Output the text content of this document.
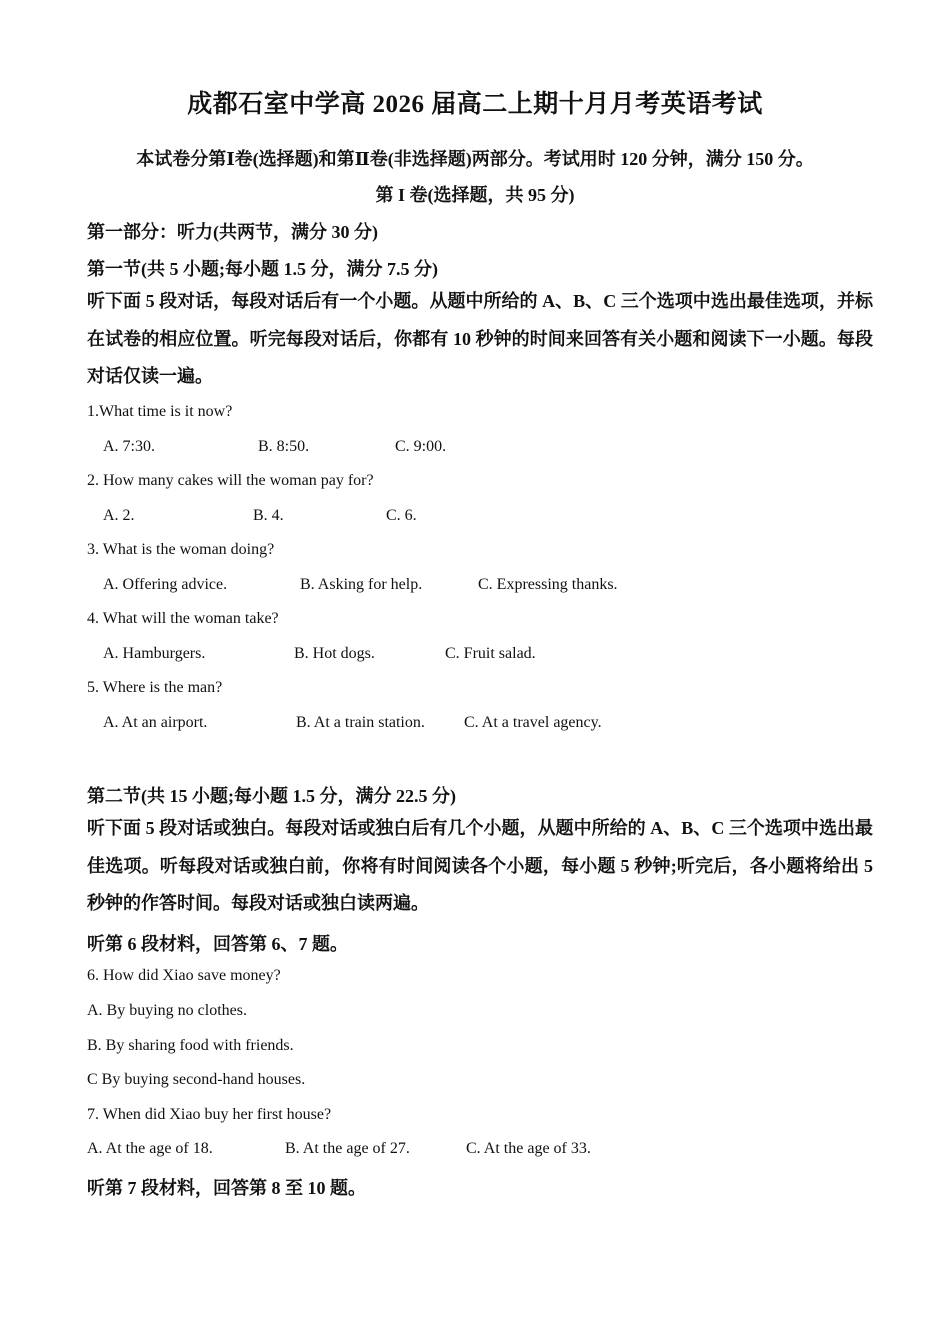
成都石室中学高 2026 届高二上期十月月考英语考试
本试卷分第Ⅰ卷(选择题)和第Ⅱ卷(非选择题)两部分。考试用时 120 分钟，满分 150 分。
第 I 卷(选择题，共 95 分)
第一部分：听力(共两节，满分 30 分)
第一节(共 5 小题;每小题 1.5 分，满分 7.5 分)
听下面 5 段对话，每段对话后有一个小题。从题中所给的 A、B、C 三个选项中选出最佳选项，并标在试卷的相应位置。听完每段对话后，你都有 10 秒钟的时间来回答有关小题和阅读下一小题。每段对话仅读一遍。
1.What time is it now?
A. 7:30.	B. 8:50.	C. 9:00.
2. How many cakes will the woman pay for?
A. 2.	B. 4.	C. 6.
3. What is the woman doing?
A. Offering advice.	B. Asking for help.	C. Expressing thanks.
4. What will the woman take?
A. Hamburgers.	B. Hot dogs.	C. Fruit salad.
5. Where is the man?
A. At an airport.	B. At a train station. C. At a travel agency.
第二节(共 15 小题;每小题 1.5 分，满分 22.5 分)
听下面 5 段对话或独白。每段对话或独白后有几个小题，从题中所给的 A、B、C 三个选项中选出最佳选项。听每段对话或独白前，你将有时间阅读各个小题，每小题 5 秒钟;听完后，各小题将给出 5 秒钟的作答时间。每段对话或独白读两遍。
听第 6 段材料，回答第 6、7 题。
6. How did Xiao save money?
A. By buying no clothes.
B. By sharing food with friends.
C By buying second-hand houses.
7. When did Xiao buy her first house?
A. At the age of 18.	B. At the age of 27.	C. At the age of 33.
听第 7 段材料，回答第 8 至 10 题。
